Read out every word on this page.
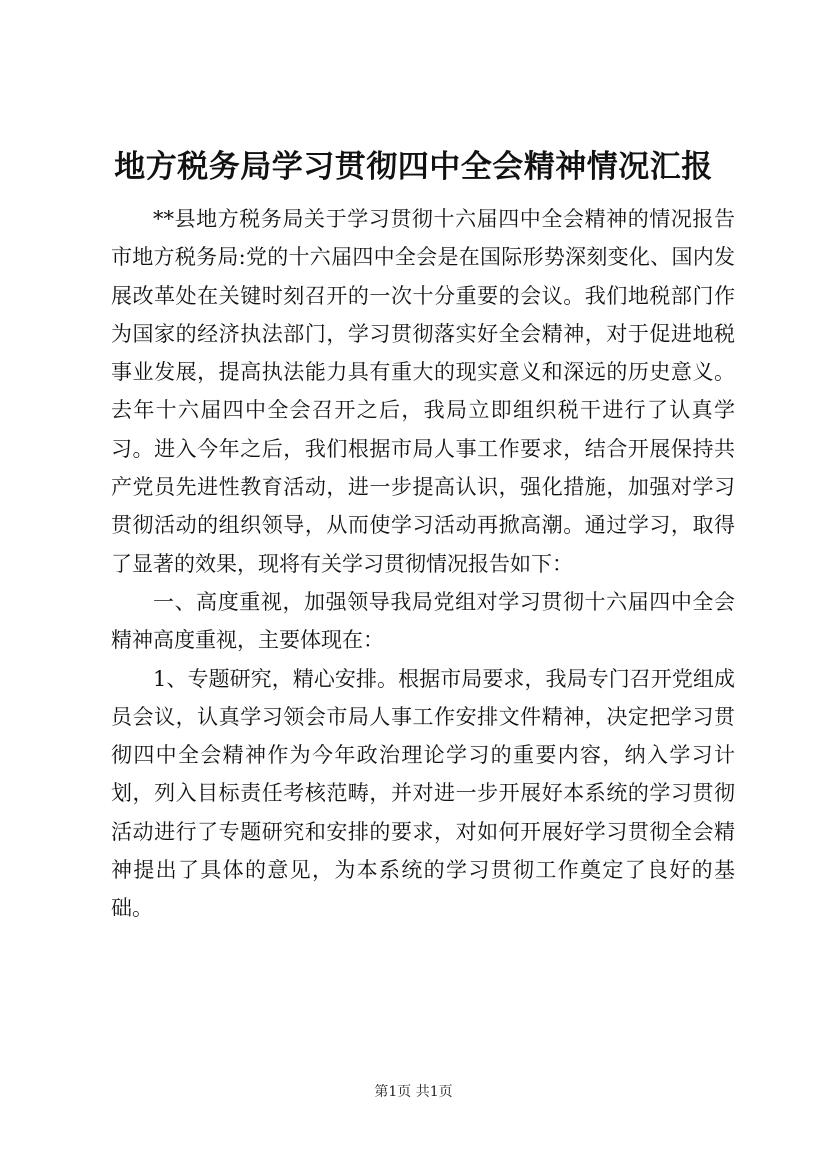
地方税务局学习贯彻四中全会精神情况汇报

**县地方税务局关于学习贯彻十六届四中全会精神的情况报告市地方税务局:党的十六届四中全会是在国际形势深刻变化、国内发展改革处在关键时刻召开的一次十分重要的会议。我们地税部门作为国家的经济执法部门，学习贯彻落实好全会精神，对于促进地税事业发展，提高执法能力具有重大的现实意义和深远的历史意义。去年十六届四中全会召开之后，我局立即组织税干进行了认真学习。进入今年之后，我们根据市局人事工作要求，结合开展保持共产党员先进性教育活动，进一步提高认识，强化措施，加强对学习贯彻活动的组织领导，从而使学习活动再掀高潮。通过学习，取得了显著的效果，现将有关学习贯彻情况报告如下：

一、高度重视，加强领导我局党组对学习贯彻十六届四中全会精神高度重视，主要体现在：

1、专题研究，精心安排。根据市局要求，我局专门召开党组成员会议，认真学习领会市局人事工作安排文件精神，决定把学习贯彻四中全会精神作为今年政治理论学习的重要内容，纳入学习计划，列入目标责任考核范畴，并对进一步开展好本系统的学习贯彻活动进行了专题研究和安排的要求，对如何开展好学习贯彻全会精神提出了具体的意见，为本系统的学习贯彻工作奠定了良好的基础。

第1页 共1页
